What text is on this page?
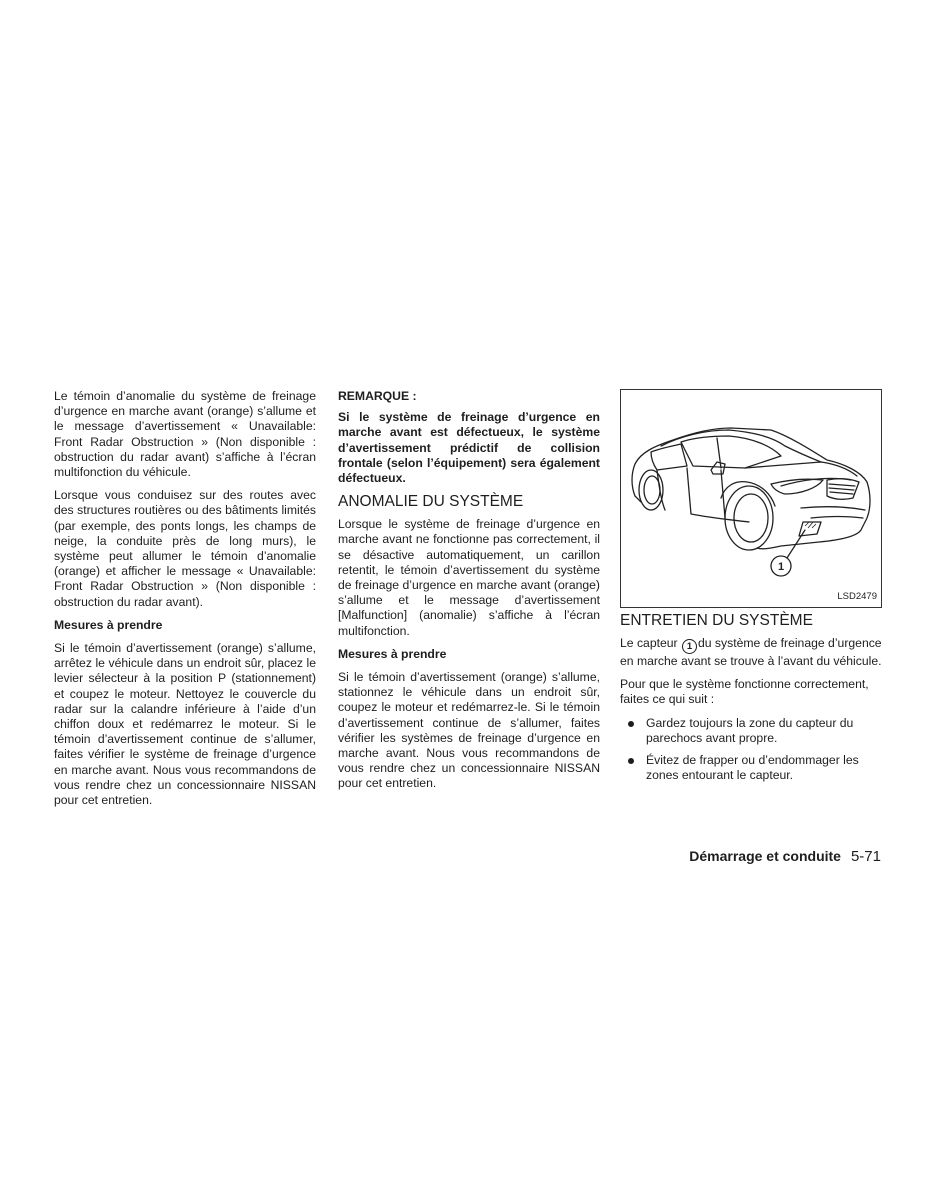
Le témoin d’anomalie du système de freinage d’urgence en marche avant (orange) s’allume et le message d’avertissement « Unavailable: Front Radar Obstruction » (Non disponible : obstruction du radar avant) s’affiche à l’écran multifonction du véhicule.

Lorsque vous conduisez sur des routes avec des structures routières ou des bâtiments limités (par exemple, des ponts longs, les champs de neige, la conduite près de long murs), le système peut allumer le témoin d’anomalie (orange) et afficher le message « Unavailable: Front Radar Obstruction » (Non disponible : obstruction du radar avant).

Mesures à prendre

Si le témoin d’avertissement (orange) s’allume, arrêtez le véhicule dans un endroit sûr, placez le levier sélecteur à la position P (stationnement) et coupez le moteur. Nettoyez le couvercle du radar sur la calandre inférieure à l’aide d’un chiffon doux et redémarrez le moteur. Si le témoin d’avertissement continue de s’allumer, faites vérifier le système de freinage d’urgence en marche avant. Nous vous recommandons de vous rendre chez un concessionnaire NISSAN pour cet entretien.

REMARQUE :

Si le système de freinage d’urgence en marche avant est défectueux, le système d’avertissement prédictif de collision frontale (selon l’équipement) sera également défectueux.

ANOMALIE DU SYSTÈME

Lorsque le système de freinage d’urgence en marche avant ne fonctionne pas correctement, il se désactive automatiquement, un carillon retentit, le témoin d’avertissement du système de freinage d’urgence en marche avant (orange) s’allume et le message d’avertissement [Malfunction] (anomalie) s’affiche à l’écran multifonction.

Mesures à prendre

Si le témoin d’avertissement (orange) s’allume, stationnez le véhicule dans un endroit sûr, coupez le moteur et redémarrez-le. Si le témoin d’avertissement continue de s’allumer, faites vérifier les systèmes de freinage d’urgence en marche avant. Nous vous recommandons de vous rendre chez un concessionnaire NISSAN pour cet entretien.

1
LSD2479
ENTRETIEN DU SYSTÈME

Le capteur 1 du système de freinage d’urgence en marche avant se trouve à l’avant du véhicule.

Pour que le système fonctionne correctement, faites ce qui suit :

Gardez toujours la zone du capteur du parechocs avant propre.
Évitez de frapper ou d’endommager les zones entourant le capteur.
Démarrage et conduite 5-71
